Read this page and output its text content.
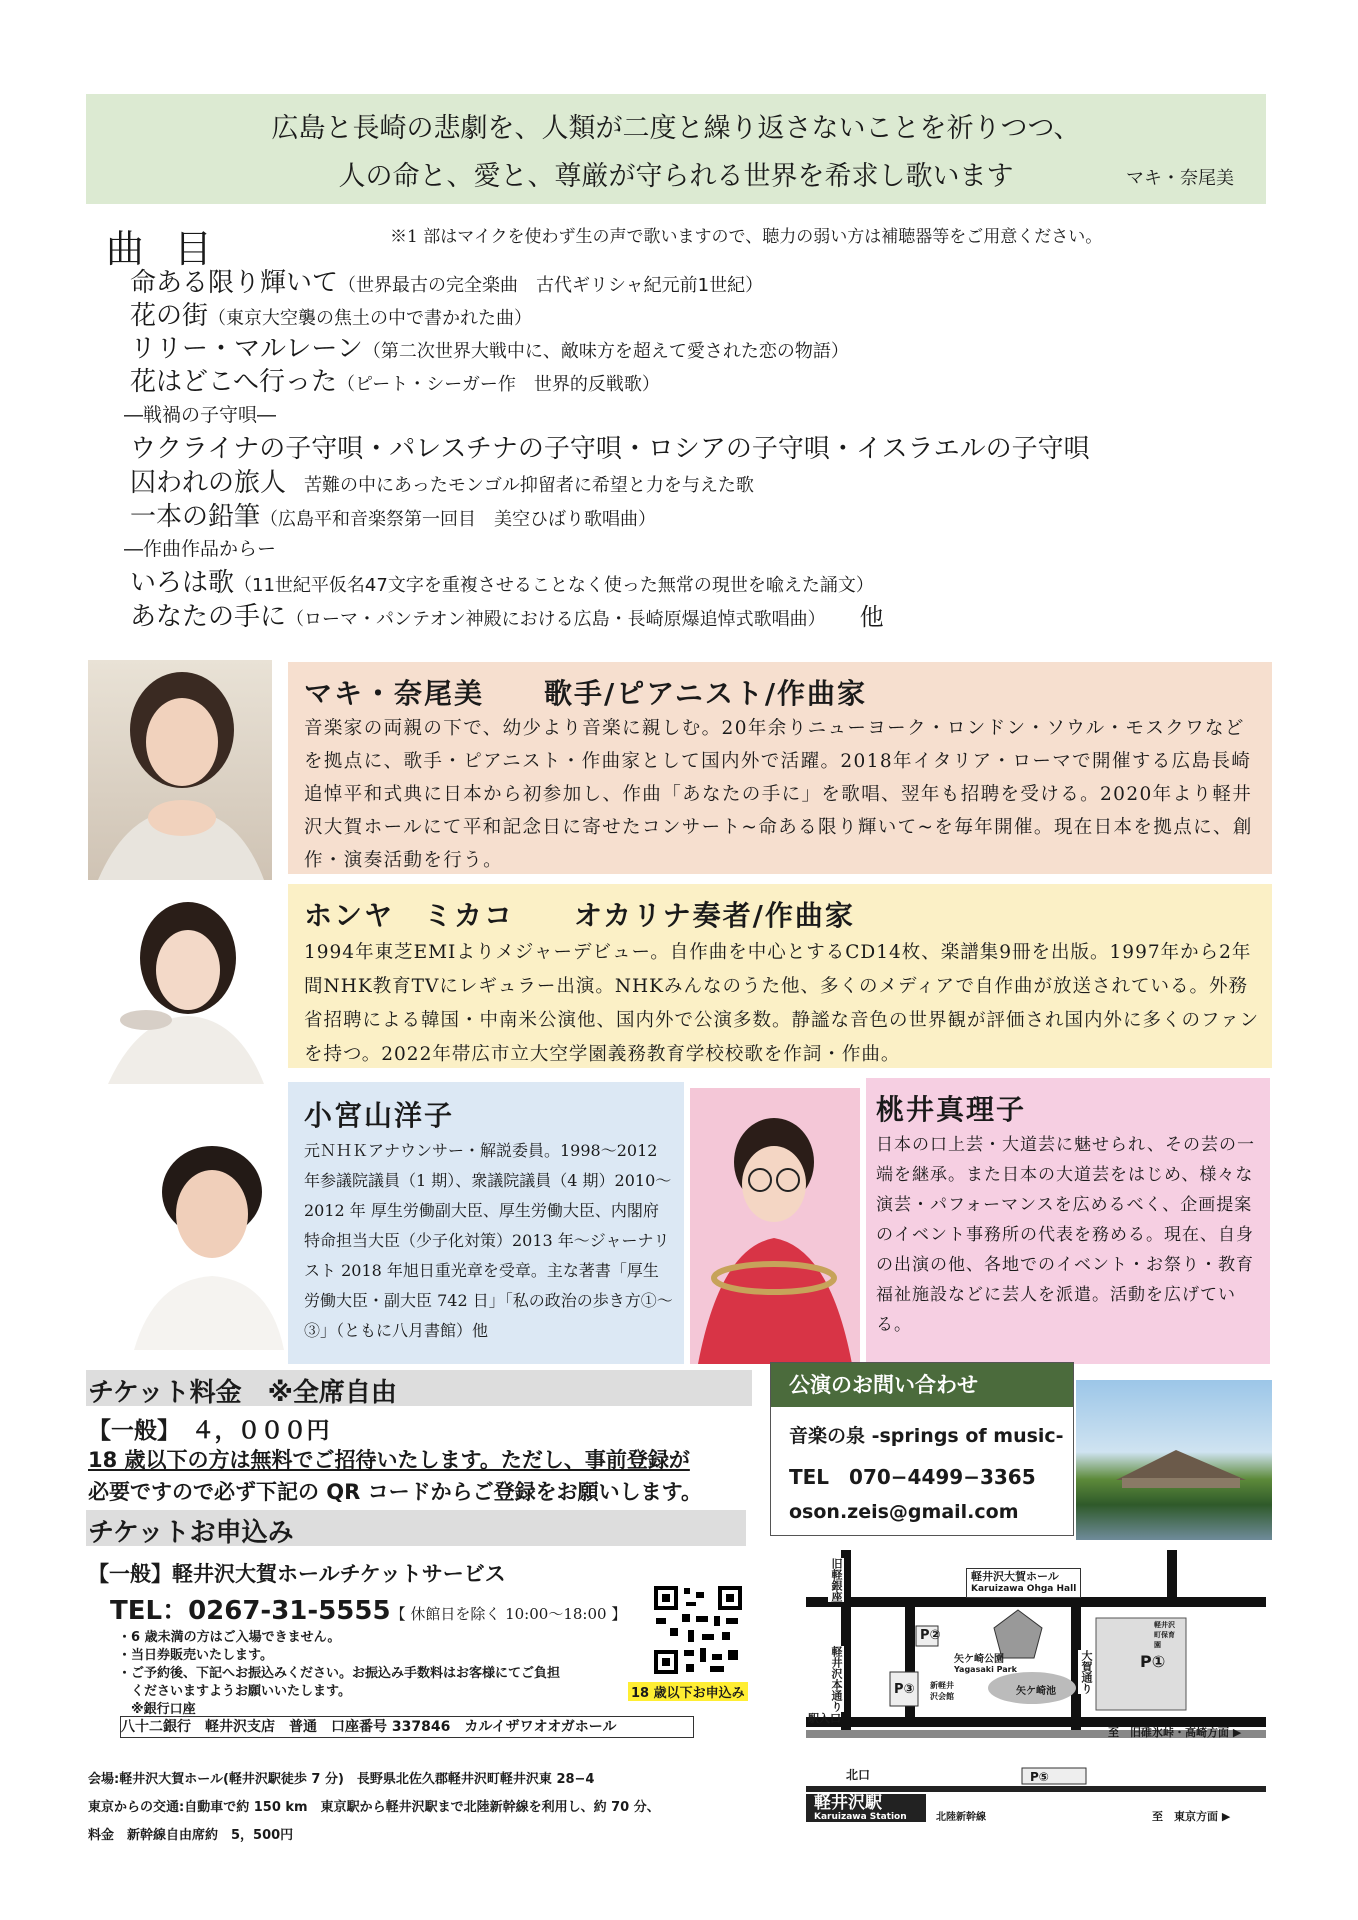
広島と長崎の悲劇を、人類が二度と繰り返さないことを祈りつつ、
人の命と、愛と、尊厳が守られる世界を希求し歌います	マキ・奈尾美
曲目	※1 部はマイクを使わず生の声で歌いますので、聴力の弱い方は補聴器等をご用意ください。
命ある限り輝いて（世界最古の完全楽曲　古代ギリシャ紀元前1世紀）
花の街（東京大空襲の焦土の中で書かれた曲）
リリー・マルレーン（第二次世界大戦中に、敵味方を超えて愛された恋の物語）
花はどこへ行った（ピート・シーガー作　世界的反戦歌）
―戦禍の子守唄―
ウクライナの子守唄・パレスチナの子守唄・ロシアの子守唄・イスラエルの子守唄
囚われの旅人　苦難の中にあったモンゴル抑留者に希望と力を与えた歌
一本の鉛筆（広島平和音楽祭第一回目　美空ひばり歌唱曲）
―作曲作品からー
いろは歌（11世紀平仮名47文字を重複させることなく使った無常の現世を喩えた誦文）
あなたの手に（ローマ・パンテオン神殿における広島・長崎原爆追悼式歌唱曲） 他
マキ・奈尾美　　歌手/ピアニスト/作曲家

音楽家の両親の下で、幼少より音楽に親しむ。20年余りニューヨーク・ロンドン・ソウル・モスクワなどを拠点に、歌手・ピアニスト・作曲家として国内外で活躍。2018年イタリア・ローマで開催する広島長崎追悼平和式典に日本から初参加し、作曲「あなたの手に」を歌唱、翌年も招聘を受ける。2020年より軽井沢大賀ホールにて平和記念日に寄せたコンサート~命ある限り輝いて~を毎年開催。現在日本を拠点に、創作・演奏活動を行う。

ホンヤ　ミカコ　　オカリナ奏者/作曲家

1994年東芝EMIよりメジャーデビュー。自作曲を中心とするCD14枚、楽譜集9冊を出版。1997年から2年間NHK教育TVにレギュラー出演。NHKみんなのうた他、多くのメディアで自作曲が放送されている。外務省招聘による韓国・中南米公演他、国内外で公演多数。静謐な音色の世界観が評価され国内外に多くのファンを持つ。2022年帯広市立大空学園義務教育学校校歌を作詞・作曲。

小宮山洋子

元ＮＨＫアナウンサー・解説委員。1998～2012 年参議院議員（1 期）、衆議院議員（4 期）2010～2012 年 厚生労働副大臣、厚生労働大臣、内閣府特命担当大臣（少子化対策）2013 年～ジャーナリスト 2018 年旭日重光章を受章。主な著書「厚生労働大臣・副大臣 742 日」「私の政治の歩き方①～③」（ともに八月書館）他

桃井真理子

日本の口上芸・大道芸に魅せられ、その芸の一端を継承。また日本の大道芸をはじめ、様々な演芸・パフォーマンスを広めるべく、企画提案のイベント事務所の代表を務める。現在、自身の出演の他、各地でのイベント・お祭り・教育福祉施設などに芸人を派遣。活動を広げている。

チケット料金　※全席自由
【一般】　４，０００円
18 歳以下の方は無料でご招待いたします。ただし、事前登録が
必要ですので必ず下記の QR コードからご登録をお願いします。
チケットお申込み
【一般】軽井沢大賀ホールチケットサービス
TEL：0267-31-5555【 休館日を除く 10:00～18:00 】
・6 歳未満の方はご入場できません。
・当日券販売いたします。
・ご予約後、下記へお振込みください。お振込み手数料はお客様にてご負担
　くださいますようお願いいたします。
　※銀行口座
八十二銀行　軽井沢支店　普通　口座番号 337846　カルイザワオオガホール
18 歳以下お申込み
公演のお問い合わせ
音楽の泉 -springs of music-
TEL　070−4499−3365
oson.zeis@gmail.com
軽井沢大賀ホール
Karuizawa Ohga Hall
旧軽銀座
軽井沢本通り
駅入口
矢ケ崎公園
Yagasaki Park
矢ケ崎池
新軽井沢会館
大賀通り
至　旧碓氷峠・高崎方面 ▶
北口
軽井沢駅
Karuizawa Station	北陸新幹線	至　東京方面 ▶
P①
P②
P③
P⑤
軽井沢町保育園
会場:軽井沢大賀ホール(軽井沢駅徒歩 7 分)　長野県北佐久郡軽井沢町軽井沢東 28−4
東京からの交通:自動車で約 150 km　東京駅から軽井沢駅まで北陸新幹線を利用し、約 70 分、
料金　新幹線自由席約　5，500円
